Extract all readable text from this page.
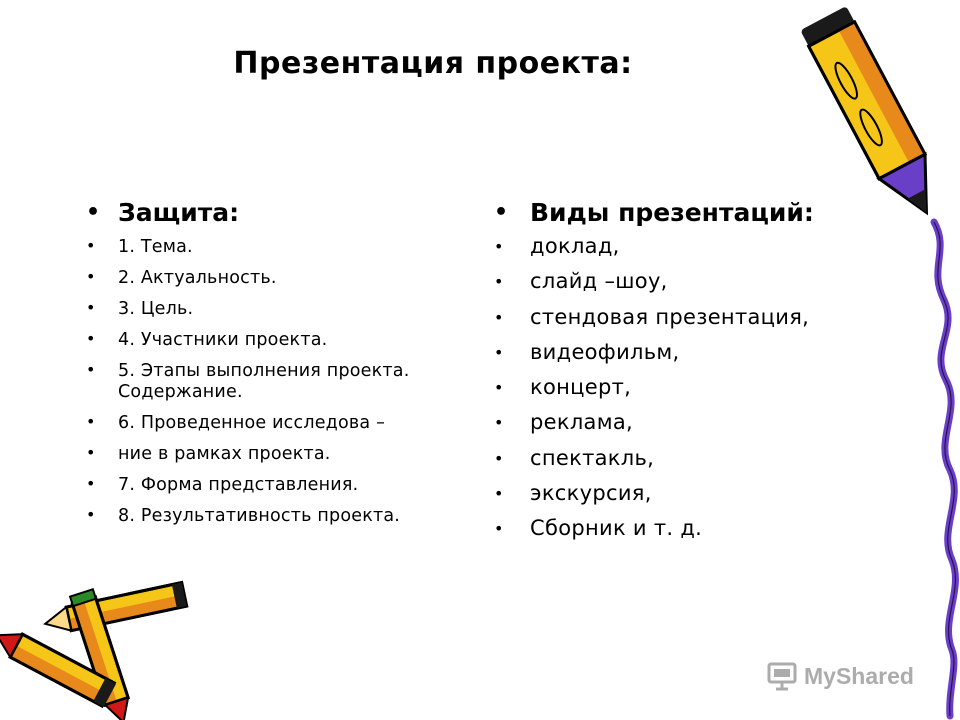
Презентация проекта:
• Защита:
• 1. Тема.
• 2. Актуальность.
• 3. Цель.
• 4. Участники проекта.
• 5. Этапы выполнения проекта. Содержание.
• 6. Проведенное исследова –
• ние в рамках проекта.
• 7. Форма представления.
• 8. Результативность проекта.
• Виды презентаций:
• доклад,
• слайд –шоу,
• стендовая презентация,
• видеофильм,
• концерт,
• реклама,
• спектакль,
• экскурсия,
• Сборник и т. д.
MyShared
